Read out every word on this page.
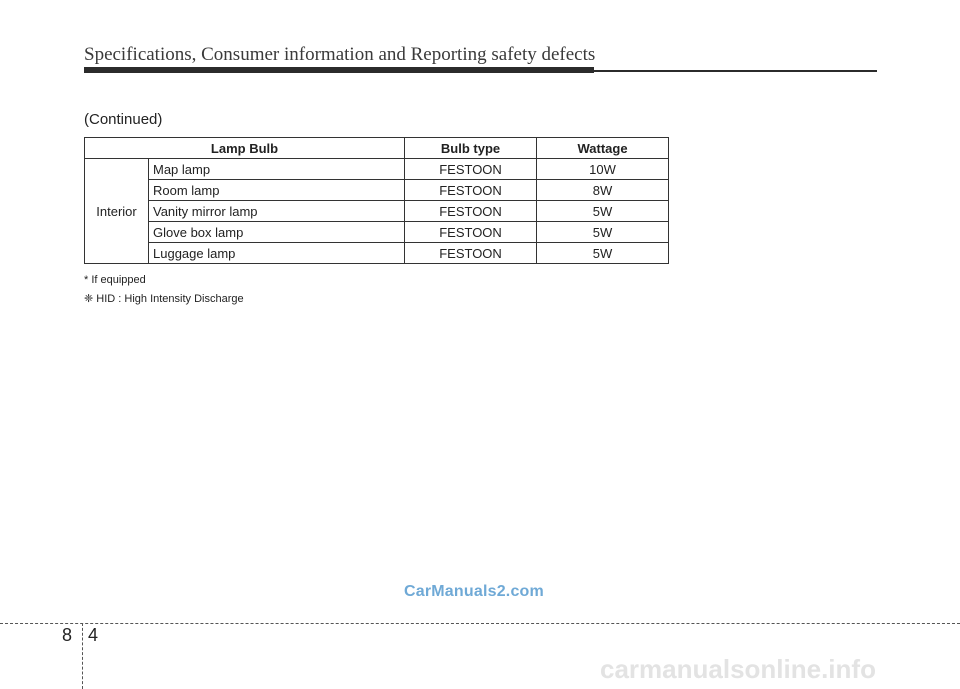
Specifications, Consumer information and Reporting safety defects
(Continued)
Lamp Bulb		Bulb type	Wattage
Interior	Map lamp	FESTOON	10W
	Room lamp	FESTOON	8W
	Vanity mirror lamp	FESTOON	5W
	Glove box lamp	FESTOON	5W
	Luggage lamp	FESTOON	5W
* If equipped
❈ HID : High Intensity Discharge
CarManuals2.com
8 4
carmanualsonline.info
